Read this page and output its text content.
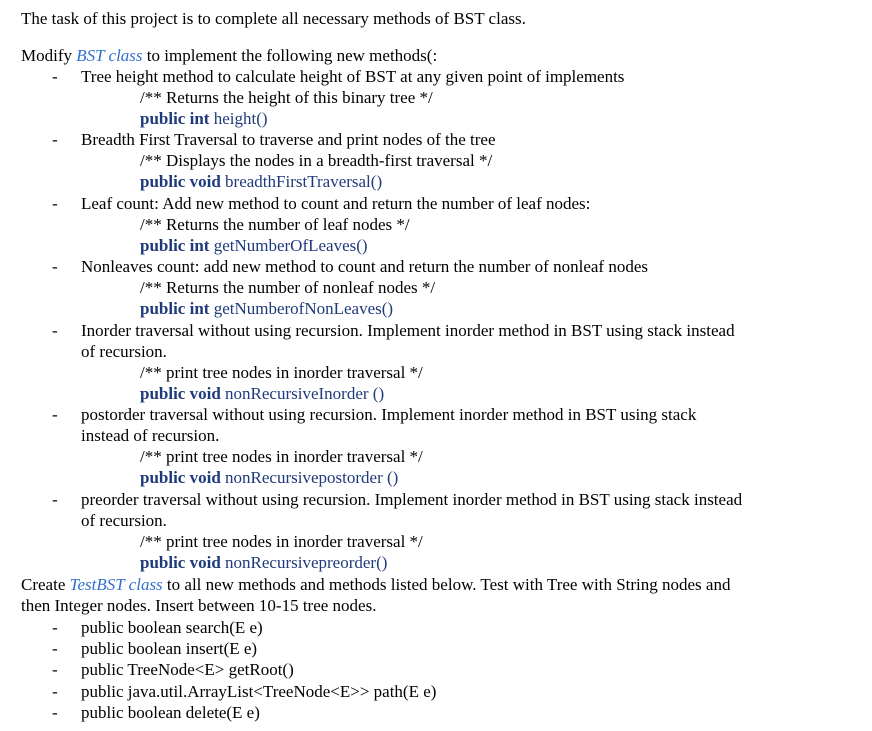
The task of this project is to complete all necessary methods of BST class.
Modify BST class to implement the following new methods(:
- Tree height method to calculate height of BST at any given point of implements
/** Returns the height of this binary tree */
public int height()
- Breadth First Traversal to traverse and print nodes of the tree
/** Displays the nodes in a breadth-first traversal */
public void breadthFirstTraversal()
- Leaf count: Add new method to count and return the number of leaf nodes:
/** Returns the number of leaf nodes */
public int getNumberOfLeaves()
- Nonleaves count: add new method to count and return the number of nonleaf nodes
/** Returns the number of nonleaf nodes */
public int getNumberofNonLeaves()
- Inorder traversal without using recursion. Implement inorder method in BST using stack instead
of recursion.
/** print tree nodes in inorder traversal */
public void nonRecursiveInorder ()
- postorder traversal without using recursion. Implement inorder method in BST using stack
instead of recursion.
/** print tree nodes in inorder traversal */
public void nonRecursivepostorder ()
- preorder traversal without using recursion. Implement inorder method in BST using stack instead
of recursion.
/** print tree nodes in inorder traversal */
public void nonRecursivepreorder()
Create TestBST class to all new methods and methods listed below. Test with Tree with String nodes and
then Integer nodes. Insert between 10-15 tree nodes.
- public boolean search(E e)
- public boolean insert(E e)
- public TreeNode<E> getRoot()
- public java.util.ArrayList<TreeNode<E>> path(E e)
- public boolean delete(E e)
